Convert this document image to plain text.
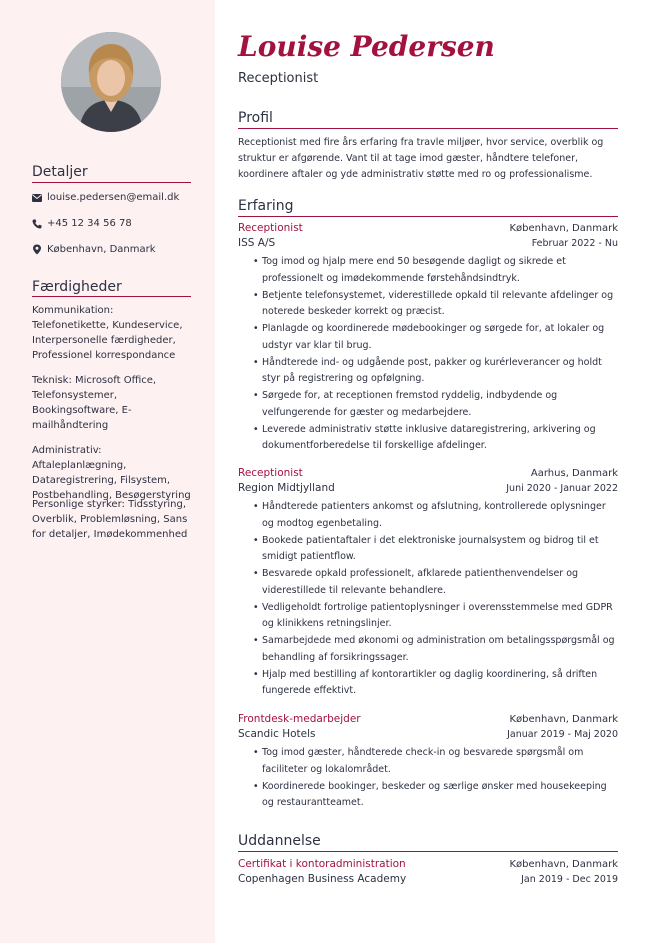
Detaljer
louise.pedersen@email.dk
+45 12 34 56 78
København, Danmark
Færdigheder
Kommunikation: Telefonetikette, Kundeservice, Interpersonelle færdigheder, Professionel korrespondance
Teknisk: Microsoft Office, Telefonsystemer, Bookingsoftware, E-mailhåndtering
Administrativ: Aftaleplanlægning, Dataregistrering, Filsystem, Postbehandling, Besøgerstyring
Personlige styrker: Tidsstyring, Overblik, Problemløsning, Sans for detaljer, Imødekommenhed
Louise Pedersen
Receptionist
Profil
Receptionist med fire års erfaring fra travle miljøer, hvor service, overblik og struktur er afgørende. Vant til at tage imod gæster, håndtere telefoner, koordinere aftaler og yde administrativ støtte med ro og professionalisme.
Erfaring
Receptionist	København, Danmark
ISS A/S	Februar 2022 - Nu
• Tog imod og hjalp mere end 50 besøgende dagligt og sikrede et professionelt og imødekommende førstehåndsindtryk.
• Betjente telefonsystemet, viderestillede opkald til relevante afdelinger og noterede beskeder korrekt og præcist.
• Planlagde og koordinerede mødebookinger og sørgede for, at lokaler og udstyr var klar til brug.
• Håndterede ind- og udgående post, pakker og kurérleverancer og holdt styr på registrering og opfølgning.
• Sørgede for, at receptionen fremstod ryddelig, indbydende og velfungerende for gæster og medarbejdere.
• Leverede administrativ støtte inklusive dataregistrering, arkivering og dokumentforberedelse til forskellige afdelinger.
Receptionist	Aarhus, Danmark
Region Midtjylland	Juni 2020 - Januar 2022
• Håndterede patienters ankomst og afslutning, kontrollerede oplysninger og modtog egenbetaling.
• Bookede patientaftaler i det elektroniske journalsystem og bidrog til et smidigt patientflow.
• Besvarede opkald professionelt, afklarede patienthenvendelser og viderestillede til relevante behandlere.
• Vedligeholdt fortrolige patientoplysninger i overensstemmelse med GDPR og klinikkens retningslinjer.
• Samarbejdede med økonomi og administration om betalingsspørgsmål og behandling af forsikringssager.
• Hjalp med bestilling af kontorartikler og daglig koordinering, så driften fungerede effektivt.
Frontdesk-medarbejder	København, Danmark
Scandic Hotels	Januar 2019 - Maj 2020
• Tog imod gæster, håndterede check-in og besvarede spørgsmål om faciliteter og lokalområdet.
• Koordinerede bookinger, beskeder og særlige ønsker med housekeeping og restaurantteamet.
Uddannelse
Certifikat i kontoradministration	København, Danmark
Copenhagen Business Academy	Jan 2019 - Dec 2019
